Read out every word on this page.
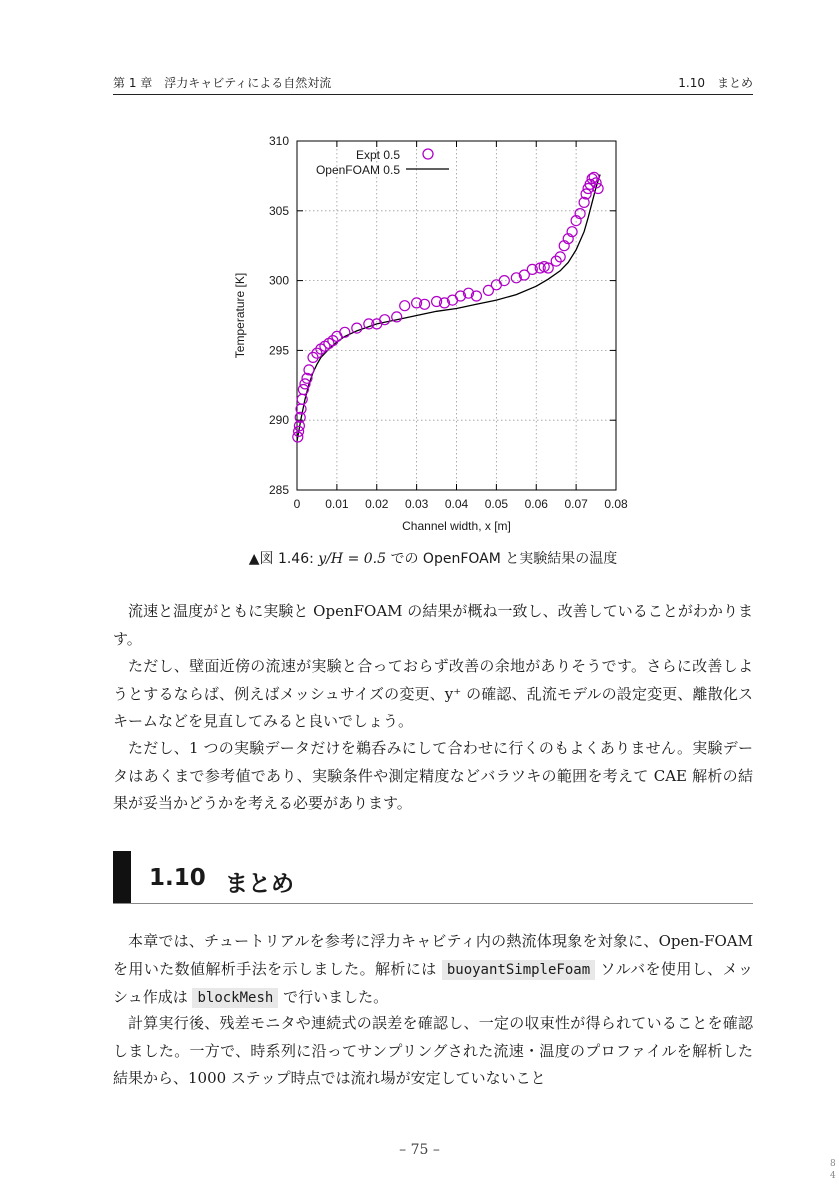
第 1 章　浮力キャビティによる自然対流	1.10　まとめ
0 0.01 0.02 0.03 0.04 0.05 0.06 0.07 0.08
285
290
295
300
305
310
Expt 0.5
OpenFOAM 0.5
Channel width, x [m]
Temperature [K]
▲図 1.46: y/H = 0.5 での OpenFOAM と実験結果の温度

流速と温度がともに実験と OpenFOAM の結果が概ね一致し、改善していることがわかります。

ただし、壁面近傍の流速が実験と合っておらず改善の余地がありそうです。さらに改善しようとするならば、例えばメッシュサイズの変更、y⁺ の確認、乱流モデルの設定変更、離散化スキームなどを見直してみると良いでしょう。

ただし、1 つの実験データだけを鵜呑みにして合わせに行くのもよくありません。実験データはあくまで参考値であり、実験条件や測定精度などバラツキの範囲を考えて CAE 解析の結果が妥当かどうかを考える必要があります。

1.10 まとめ

本章では、チュートリアルを参考に浮力キャビティ内の熱流体現象を対象に、Open-FOAM を用いた数値解析手法を示しました。解析には buoyantSimpleFoam ソルバを使用し、メッシュ作成は blockMesh で行いました。

計算実行後、残差モニタや連続式の誤差を確認し、一定の収束性が得られていることを確認しました。一方で、時系列に沿ってサンプリングされた流速・温度のプロファイルを解析した結果から、1000 ステップ時点では流れ場が安定していないこと

– 75 –
8
4
